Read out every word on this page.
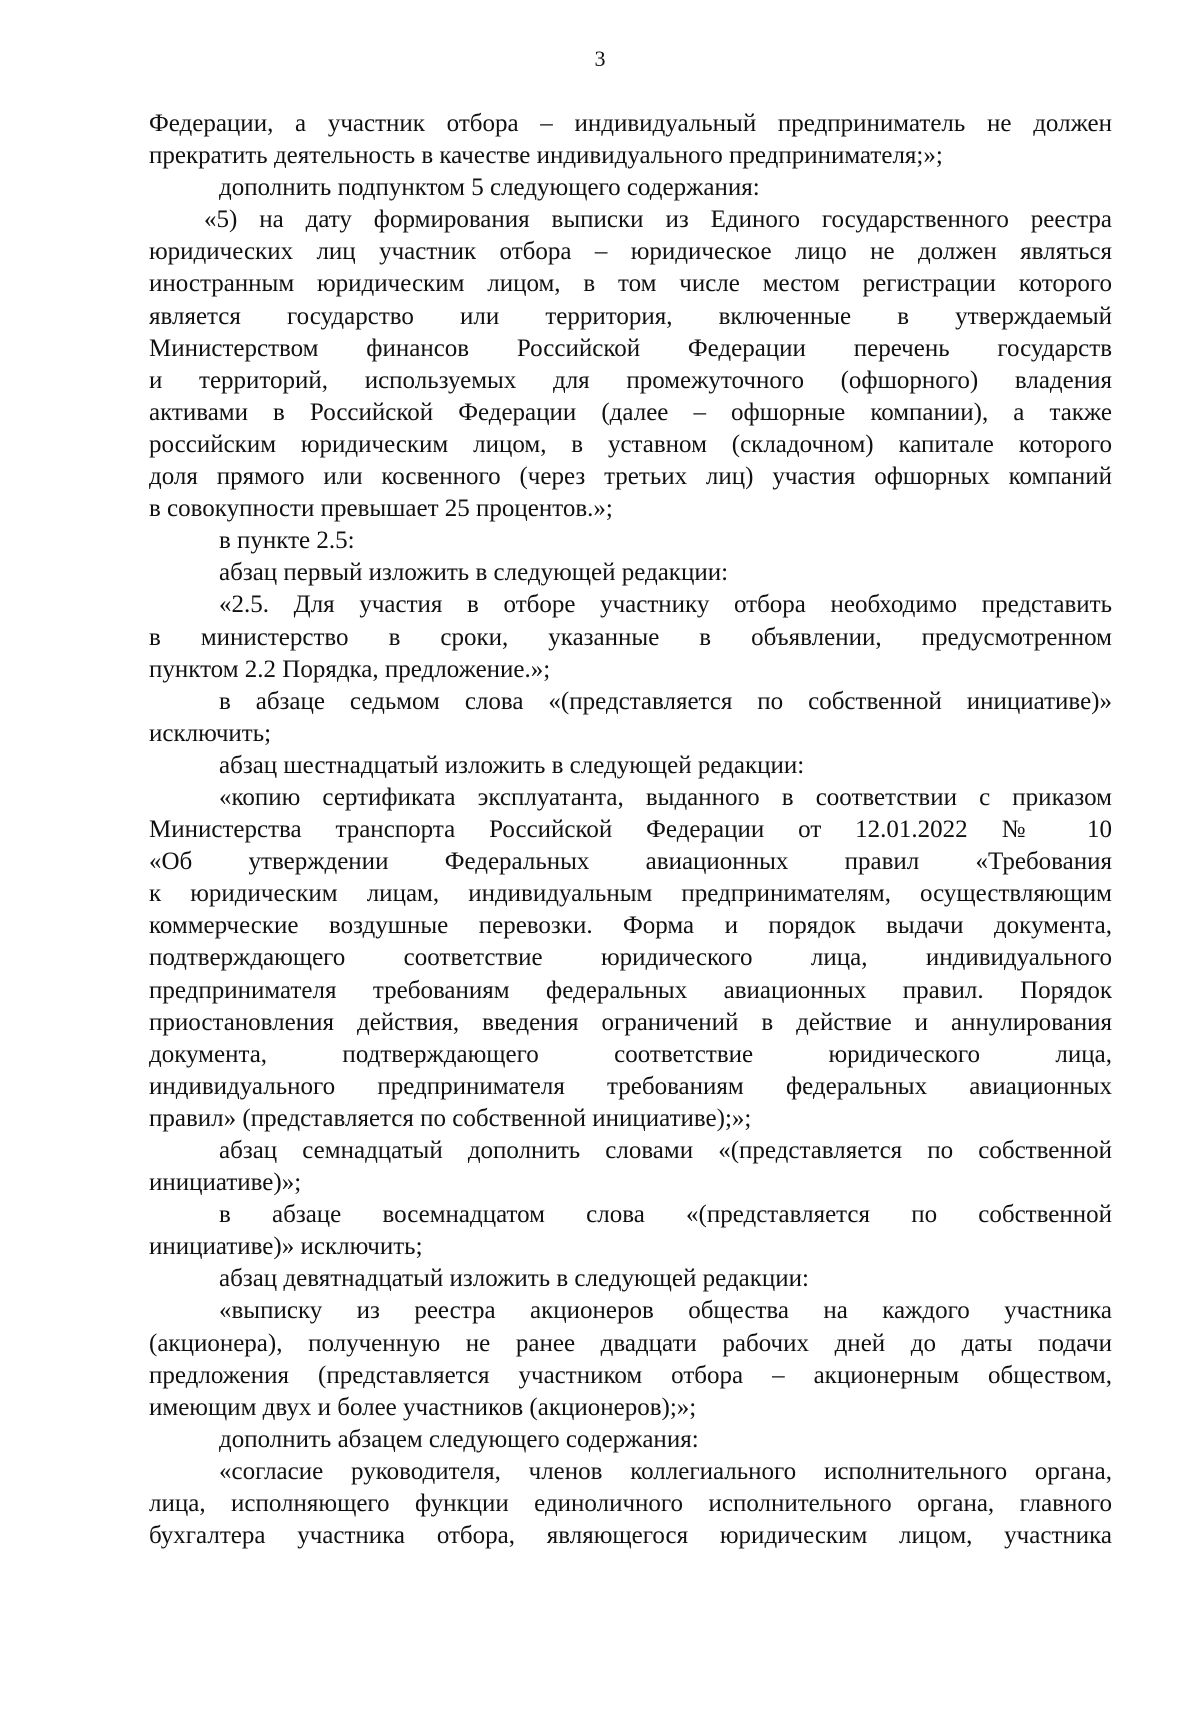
3
Федерации, а участник отбора – индивидуальный предприниматель не должен
прекратить деятельность в качестве индивидуального предпринимателя;»;
дополнить подпунктом 5 следующего содержания:
«5) на дату формирования выписки из Единого государственного реестра
юридических лиц участник отбора – юридическое лицо не должен являться
иностранным юридическим лицом, в том числе местом регистрации которого
является государство или территория, включенные в утверждаемый
Министерством финансов Российской Федерации перечень государств
и территорий, используемых для промежуточного (офшорного) владения
активами в Российской Федерации (далее – офшорные компании), а также
российским юридическим лицом, в уставном (складочном) капитале которого
доля прямого или косвенного (через третьих лиц) участия офшорных компаний
в совокупности превышает 25 процентов.»;
в пункте 2.5:
абзац первый изложить в следующей редакции:
«2.5. Для участия в отборе участнику отбора необходимо представить
в министерство в сроки, указанные в объявлении, предусмотренном
пунктом 2.2 Порядка, предложение.»;
в абзаце седьмом слова «(представляется по собственной инициативе)»
исключить;
абзац шестнадцатый изложить в следующей редакции:
«копию сертификата эксплуатанта, выданного в соответствии с приказом
Министерства транспорта Российской Федерации от 12.01.2022 № 10
«Об утверждении Федеральных авиационных правил «Требования
к юридическим лицам, индивидуальным предпринимателям, осуществляющим
коммерческие воздушные перевозки. Форма и порядок выдачи документа,
подтверждающего соответствие юридического лица, индивидуального
предпринимателя требованиям федеральных авиационных правил. Порядок
приостановления действия, введения ограничений в действие и аннулирования
документа, подтверждающего соответствие юридического лица,
индивидуального предпринимателя требованиям федеральных авиационных
правил» (представляется по собственной инициативе);»;
абзац семнадцатый дополнить словами «(представляется по собственной
инициативе)»;
в абзаце восемнадцатом слова «(представляется по собственной
инициативе)» исключить;
абзац девятнадцатый изложить в следующей редакции:
«выписку из реестра акционеров общества на каждого участника
(акционера), полученную не ранее двадцати рабочих дней до даты подачи
предложения (представляется участником отбора – акционерным обществом,
имеющим двух и более участников (акционеров);»;
дополнить абзацем следующего содержания:
«согласие руководителя, членов коллегиального исполнительного органа,
лица, исполняющего функции единоличного исполнительного органа, главного
бухгалтера участника отбора, являющегося юридическим лицом, участника
